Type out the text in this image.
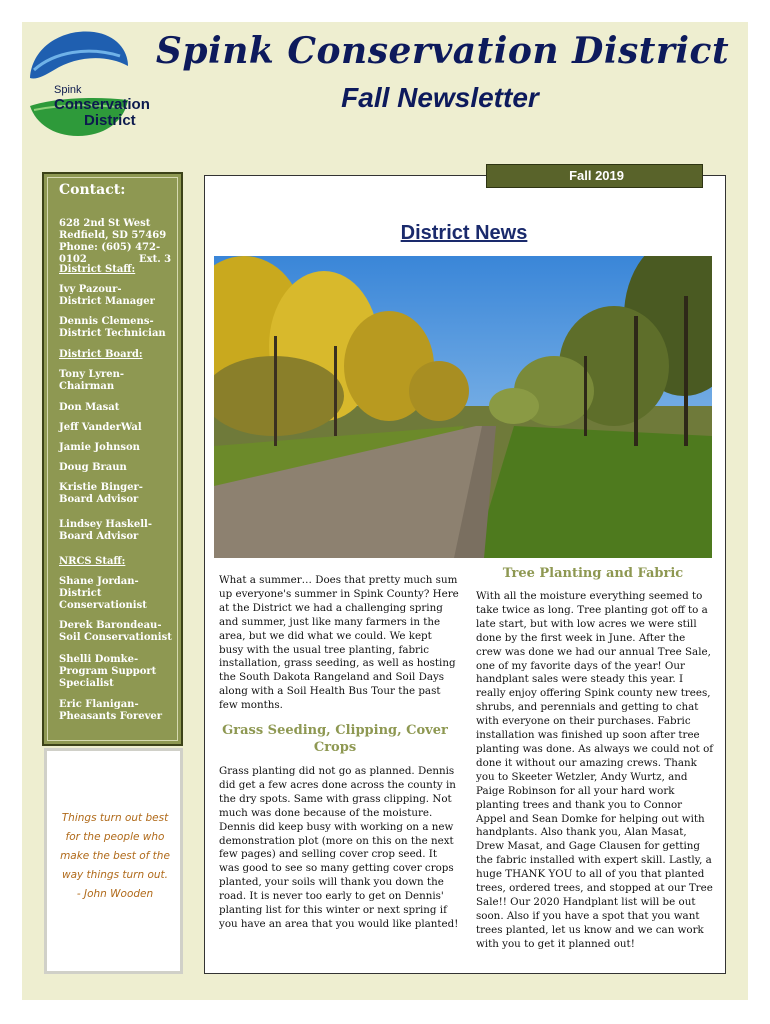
Spink
Conservation
District
Spink Conservation District
Fall Newsletter
Contact:
628 2nd St West
Redfield, SD 57469
Phone: (605) 472-0102	Ext. 3
District Staff:
Ivy Pazour-
District Manager
Dennis Clemens-
District Technician
District Board:
Tony Lyren-
Chairman
Don Masat
Jeff VanderWal
Jamie Johnson
Doug Braun
Kristie Binger-
Board Advisor
Lindsey Haskell-
Board Advisor
NRCS Staff:
Shane Jordan-
District
Conservationist
Derek Barondeau-
Soil Conservationist
Shelli Domke-
Program Support
Specialist
Eric Flanigan-
Pheasants Forever
Things turn out best
for the people who
make the best of the
way things turn out.
- John Wooden
Fall 2019
District News
What a summer… Does that pretty much sum up everyone's summer in Spink County? Here at the District we had a challenging spring and summer, just like many farmers in the area, but we did what we could. We kept busy with the usual tree planting, fabric installation, grass seeding, as well as hosting the South Dakota Rangeland and Soil Days along with a Soil Health Bus Tour the past few months.
Grass Seeding, Clipping, Cover Crops
Grass planting did not go as planned. Dennis did get a few acres done across the county in the dry spots. Same with grass clipping. Not much was done because of the moisture. Dennis did keep busy with working on a new demonstration plot (more on this on the next few pages) and selling cover crop seed. It was good to see so many getting cover crops planted, your soils will thank you down the road. It is never too early to get on Dennis' planting list for this winter or next spring if you have an area that you would like planted!
Tree Planting and Fabric
With all the moisture everything seemed to take twice as long. Tree planting got off to a late start, but with low acres we were still done by the first week in June. After the crew was done we had our annual Tree Sale, one of my favorite days of the year! Our handplant sales were steady this year. I really enjoy offering Spink county new trees, shrubs, and perennials and getting to chat with everyone on their purchases. Fabric installation was finished up soon after tree planting was done. As always we could not of done it without our amazing crews. Thank you to Skeeter Wetzler, Andy Wurtz, and Paige Robinson for all your hard work planting trees and thank you to Connor Appel and Sean Domke for helping out with handplants. Also thank you, Alan Masat, Drew Masat, and Gage Clausen for getting the fabric installed with expert skill. Lastly, a huge THANK YOU to all of you that planted trees, ordered trees, and stopped at our Tree Sale!! Our 2020 Handplant list will be out soon. Also if you have a spot that you want trees planted, let us know and we can work with you to get it planned out!
